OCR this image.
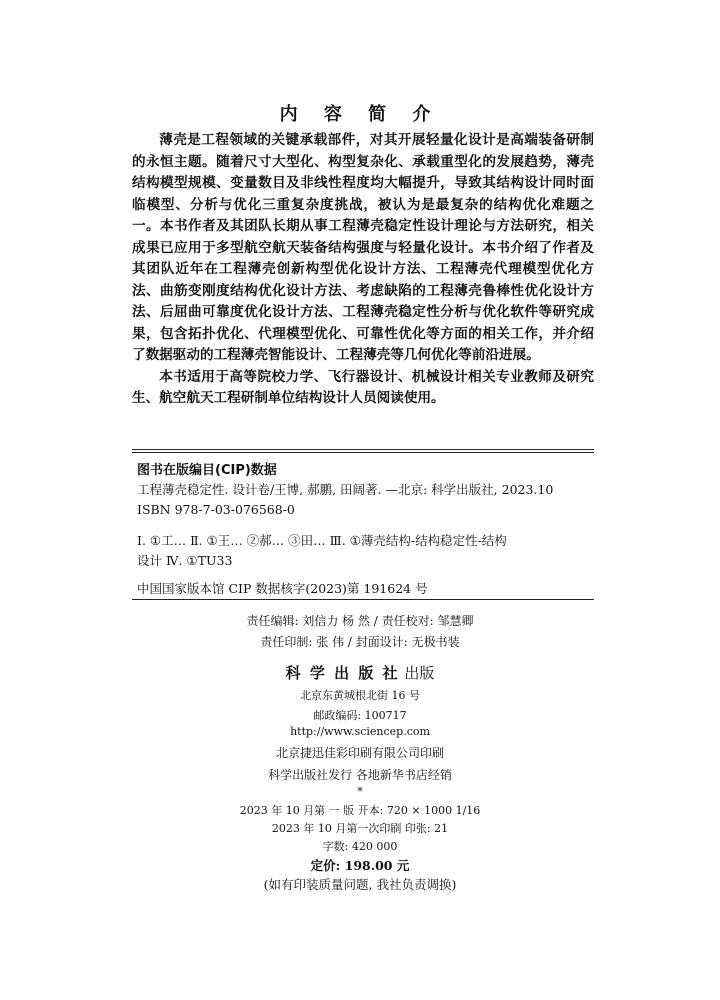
内 容 简 介

薄壳是工程领域的关键承载部件，对其开展轻量化设计是高端装备研制的永恒主题。随着尺寸大型化、构型复杂化、承载重型化的发展趋势，薄壳结构模型规模、变量数目及非线性程度均大幅提升，导致其结构设计同时面临模型、分析与优化三重复杂度挑战，被认为是最复杂的结构优化难题之一。本书作者及其团队长期从事工程薄壳稳定性设计理论与方法研究，相关成果已应用于多型航空航天装备结构强度与轻量化设计。本书介绍了作者及其团队近年在工程薄壳创新构型优化设计方法、工程薄壳代理模型优化方法、曲筋变刚度结构优化设计方法、考虑缺陷的工程薄壳鲁棒性优化设计方法、后屈曲可靠度优化设计方法、工程薄壳稳定性分析与优化软件等研究成果，包含拓扑优化、代理模型优化、可靠性优化等方面的相关工作，并介绍了数据驱动的工程薄壳智能设计、工程薄壳等几何优化等前沿进展。

本书适用于高等院校力学、飞行器设计、机械设计相关专业教师及研究生、航空航天工程研制单位结构设计人员阅读使用。

图书在版编目(CIP)数据
工程薄壳稳定性. 设计卷/王博, 郝鹏, 田阔著. —北京: 科学出版社, 2023.10
ISBN 978-7-03-076568-0
Ⅰ. ①工… Ⅱ. ①王… ②郝… ③田… Ⅲ. ①薄壳结构-结构稳定性-结构
设计 Ⅳ. ①TU33
中国国家版本馆 CIP 数据核字(2023)第 191624 号
责任编辑: 刘信力 杨 然 / 责任校对: 邹慧卿
责任印制: 张 伟 / 封面设计: 无极书装
科 学 出 版 社 出版
北京东黄城根北街 16 号
邮政编码: 100717
http://www.sciencep.com
北京捷迅佳彩印刷有限公司印刷
科学出版社发行 各地新华书店经销
*
2023 年 10 月第 一 版 开本: 720 × 1000 1/16
2023 年 10 月第一次印刷 印张: 21
字数: 420 000
定价: 198.00 元
(如有印装质量问题, 我社负责调换)
